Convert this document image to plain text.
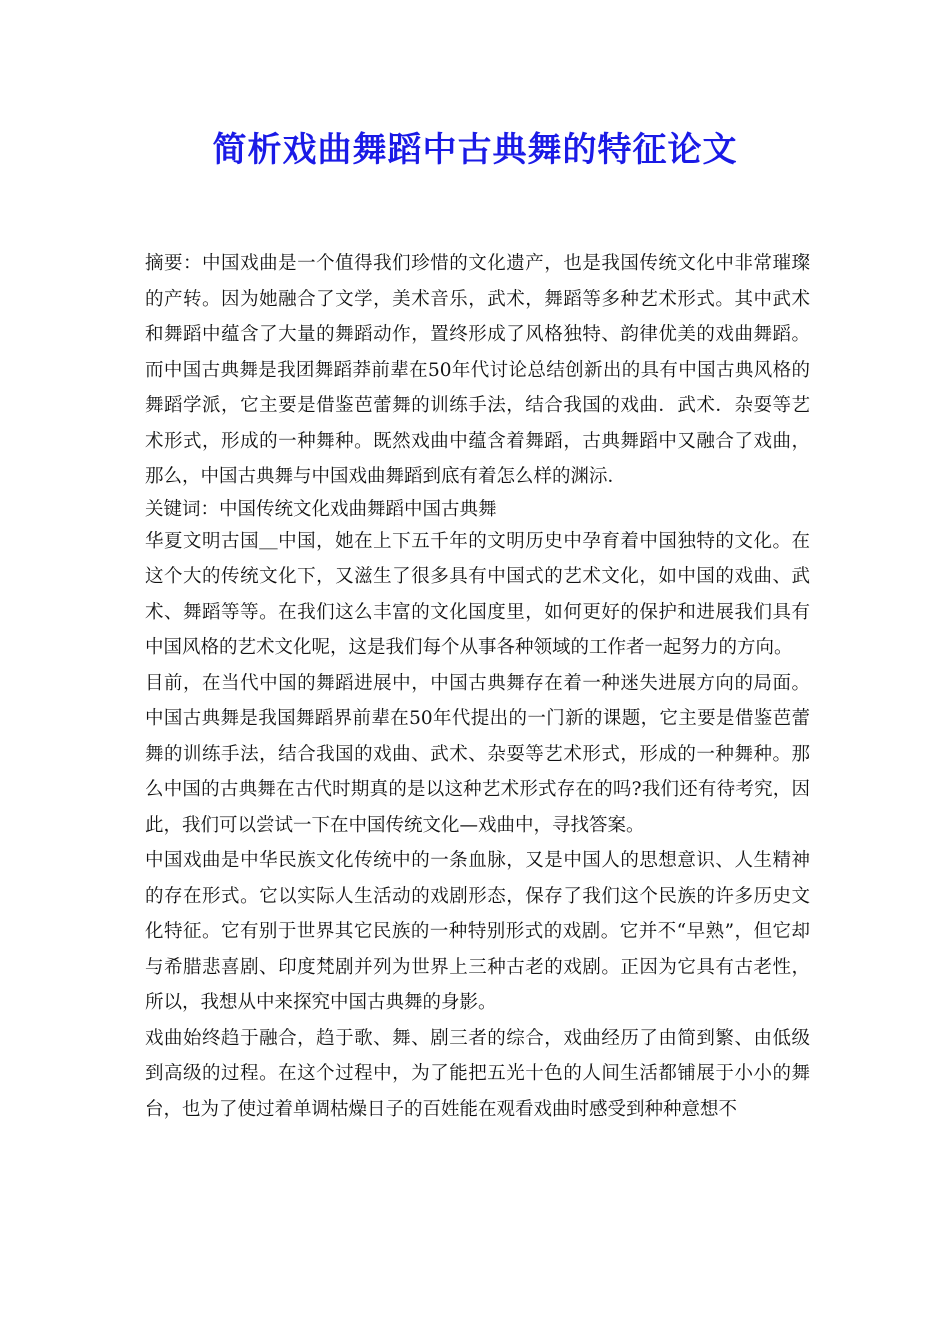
简析戏曲舞蹈中古典舞的特征论文

摘要：中国戏曲是一个值得我们珍惜的文化遗产，也是我国传统文化中非常璀璨的产转。因为她融合了文学，美术音乐，武术，舞蹈等多种艺术形式。其中武术和舞蹈中蕴含了大量的舞蹈动作，置终形成了风格独特、韵律优美的戏曲舞蹈。而中国古典舞是我团舞蹈莽前辈在50年代讨论总结创新出的具有中国古典风格的舞蹈学派，它主要是借鉴芭蕾舞的训练手法，结合我国的戏曲．武术．杂耍等艺术形式，形成的一种舞种。既然戏曲中蕴含着舞蹈，古典舞蹈中又融合了戏曲，那么，中国古典舞与中国戏曲舞蹈到底有着怎么样的渊沶．

关键词：中国传统文化戏曲舞蹈中国古典舞

华夏文明古国＿中国，她在上下五千年的文明历史中孕育着中国独特的文化。在这个大的传统文化下，又滋生了很多具有中国式的艺术文化，如中国的戏曲、武术、舞蹈等等。在我们这么丰富的文化国度里，如何更好的保护和进展我们具有中国风格的艺术文化呢，这是我们每个从事各种领域的工作者一起努力的方向。

目前，在当代中国的舞蹈进展中，中国古典舞存在着一种迷失进展方向的局面。中国古典舞是我国舞蹈界前辈在50年代提出的一门新的课题，它主要是借鉴芭蕾舞的训练手法，结合我国的戏曲、武术、杂耍等艺术形式，形成的一种舞种。那么中国的古典舞在古代时期真的是以这种艺术形式存在的吗?我们还有待考究，因此，我们可以尝试一下在中国传统文化—戏曲中，寻找答案。

中国戏曲是中华民族文化传统中的一条血脉，又是中国人的思想意识、人生精神的存在形式。它以实际人生活动的戏剧形态，保存了我们这个民族的许多历史文化特征。它有别于世界其它民族的一种特别形式的戏剧。它并不“早熟”，但它却与希腊悲喜剧、印度梵剧并列为世界上三种古老的戏剧。正因为它具有古老性，所以，我想从中来探究中国古典舞的身影。

戏曲始终趋于融合，趋于歌、舞、剧三者的综合，戏曲经历了由简到繁、由低级到高级的过程。在这个过程中，为了能把五光十色的人间生活都铺展于小小的舞台，也为了使过着单调枯燥日子的百姓能在观看戏曲时感受到种种意想不
